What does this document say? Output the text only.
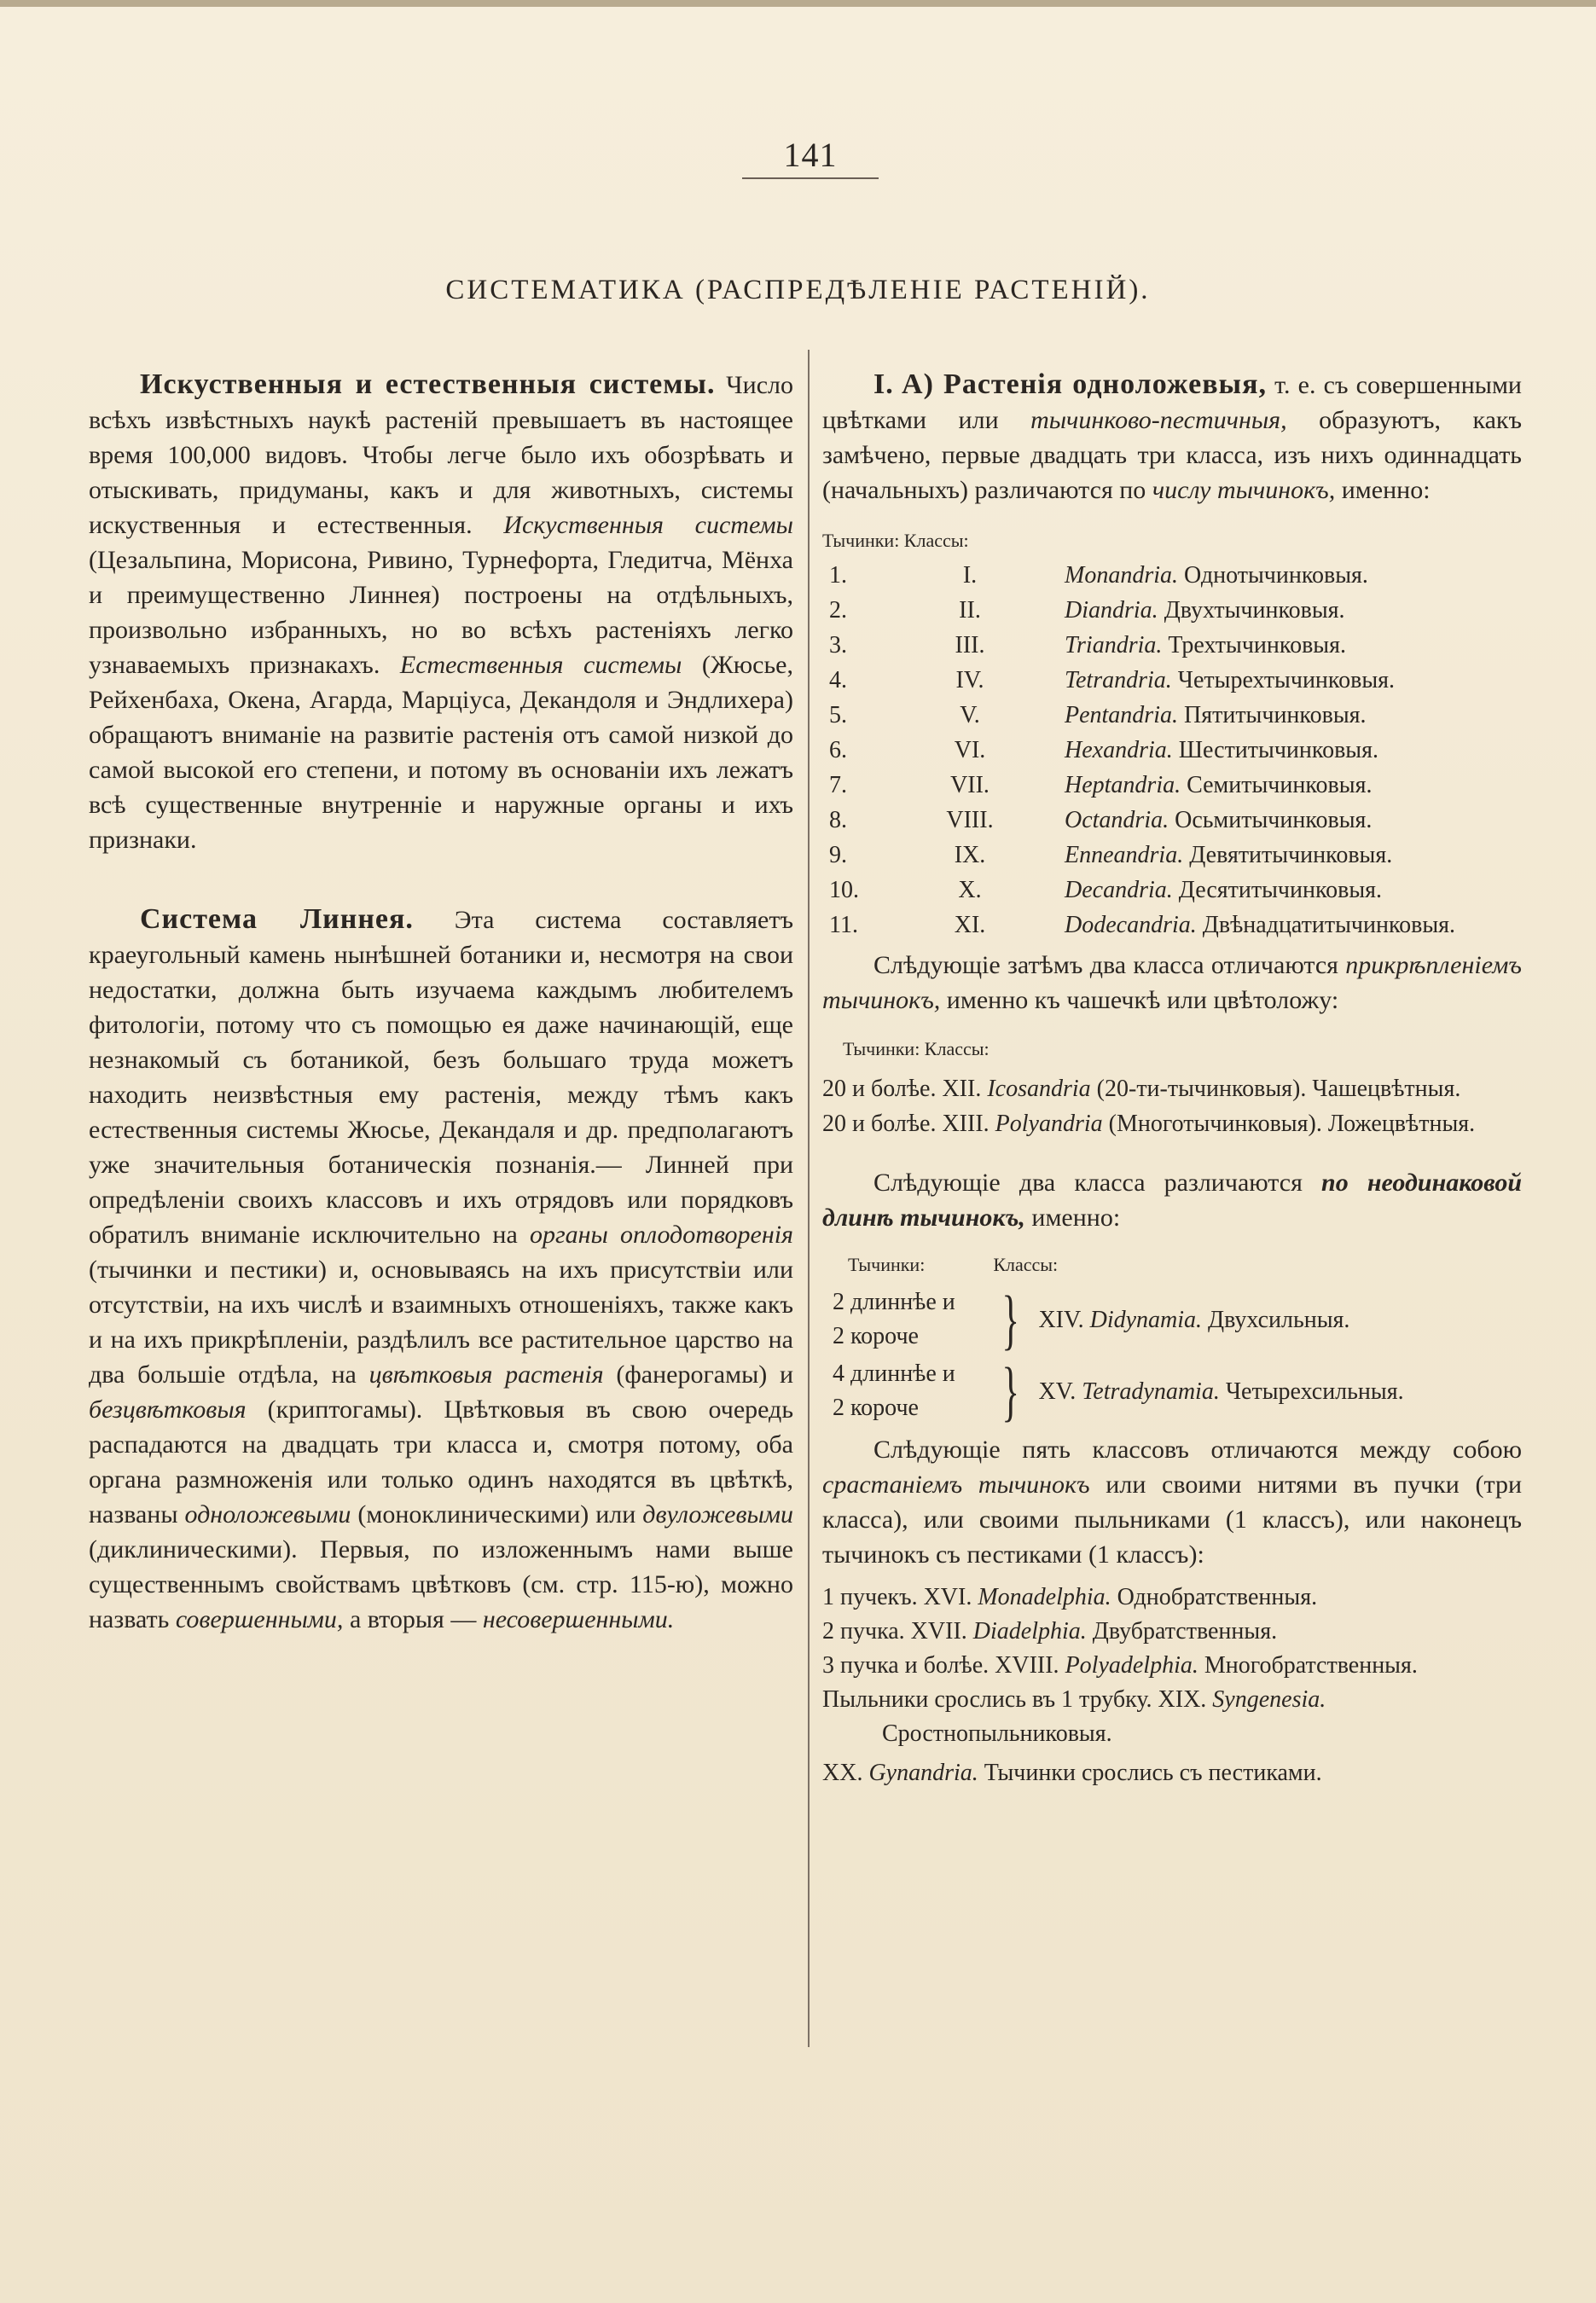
141
СИСТЕМАТИКА (РАСПРЕДѢЛЕНІЕ РАСТЕНІЙ).

Искуственныя и естественныя системы. Число всѣхъ извѣстныхъ наукѣ растеній превышаетъ въ настоящее время 100,000 видовъ. Чтобы легче было ихъ обозрѣвать и отыскивать, придуманы, какъ и для животныхъ, системы искуственныя и естественныя. Искуственныя системы (Цезальпина, Морисона, Ривино, Турнефорта, Гледитча, Мёнха и преимущественно Линнея) построены на отдѣльныхъ, произвольно избранныхъ, но во всѣхъ растеніяхъ легко узнаваемыхъ признакахъ. Естественныя системы (Жюсье, Рейхенбаха, Окена, Агарда, Марціуса, Декандоля и Эндлихера) обращаютъ вниманіе на развитіе растенія отъ самой низкой до самой высокой его степени, и потому въ основаніи ихъ лежатъ всѣ существенные внутренніе и наружные органы и ихъ признаки.

Система Линнея. Эта система составляетъ краеугольный камень нынѣшней ботаники и, несмотря на свои недостатки, должна быть изучаема каждымъ любителемъ фитологіи, потому что съ помощью ея даже начинающій, еще незнакомый съ ботаникой, безъ большаго труда можетъ находить неизвѣстныя ему растенія, между тѣмъ какъ естественныя системы Жюсье, Декандаля и др. предполагаютъ уже значительныя ботаническія познанія.— Линней при опредѣленіи своихъ классовъ и ихъ отрядовъ или порядковъ обратилъ вниманіе исключительно на органы оплодотворенія (тычинки и пестики) и, основываясь на ихъ присутствіи или отсутствіи, на ихъ числѣ и взаимныхъ отношеніяхъ, также какъ и на ихъ прикрѣпленіи, раздѣлилъ все растительное царство на два большіе отдѣла, на цвѣтковыя растенія (фанерогамы) и безцвѣтковыя (криптогамы). Цвѣтковыя въ свою очередь распадаются на двадцать три класса и, смотря потому, оба органа размноженія или только одинъ находятся въ цвѣткѣ, названы одноложевыми (моноклиническими) или двуложевыми (диклиническими). Первыя, по изложеннымъ нами выше существеннымъ свойствамъ цвѣтковъ (см. стр. 115-ю), можно назвать совершенными, а вторыя — несовершенными.

I. A) Растенія одноложевыя, т. е. съ совершенными цвѣтками или тычинково-пестичныя, образуютъ, какъ замѣчено, первые двадцать три класса, изъ нихъ одиннадцать (начальныхъ) различаются по числу тычинокъ, именно:

Тычинки: Классы:
1.	I.	Monandria. Однотычинковыя.
2.	II.	Diandria. Двухтычинковыя.
3.	III.	Triandria. Трехтычинковыя.
4.	IV.	Tetrandria. Четырехтычинковыя.
5.	V.	Pentandria. Пятитычинковыя.
6.	VI.	Hexandria. Шеститычинковыя.
7.	VII.	Heptandria. Семитычинковыя.
8.	VIII.	Octandria. Осьмитычинковыя.
9.	IX.	Enneandria. Девятитычинковыя.
10.	X.	Decandria. Десятитычинковыя.
11.	XI.	Dodecandria. Двѣнадцатитычинковыя.

Слѣдующіе затѣмъ два класса отличаются прикрѣпленіемъ тычинокъ, именно къ чашечкѣ или цвѣтоложу:

Тычинки: Классы:

20 и болѣе. XII. Icosandria (20-ти-тычинковыя). Чашецвѣтныя.

20 и болѣе. XIII. Polyandria (Многотычинковыя). Ложецвѣтныя.

Слѣдующіе два класса различаются по неодинаковой длинѣ тычинокъ, именно:

Тычинки:	Классы:
2 длиннѣе и
2 короче	} XIV. Didynamia. Двухсильныя.
4 длиннѣе и
2 короче	} XV. Tetradynamia. Четырехсильныя.

Слѣдующіе пять классовъ отличаются между собою срастаніемъ тычинокъ или своими нитями въ пучки (три класса), или своими пыльниками (1 классъ), или наконецъ тычинокъ съ пестиками (1 классъ):

1 пучекъ. XVI. Monadelphia. Однобратственныя.
2 пучка. XVII. Diadelphia. Двубратственныя.
3 пучка и болѣе. XVIII. Polyadelphia. Многобратственныя.
Пыльники срослись въ 1 трубку. XIX. Syngenesia. Сростнопыльниковыя.
XX. Gynandria. Тычинки срослись съ пестиками.
